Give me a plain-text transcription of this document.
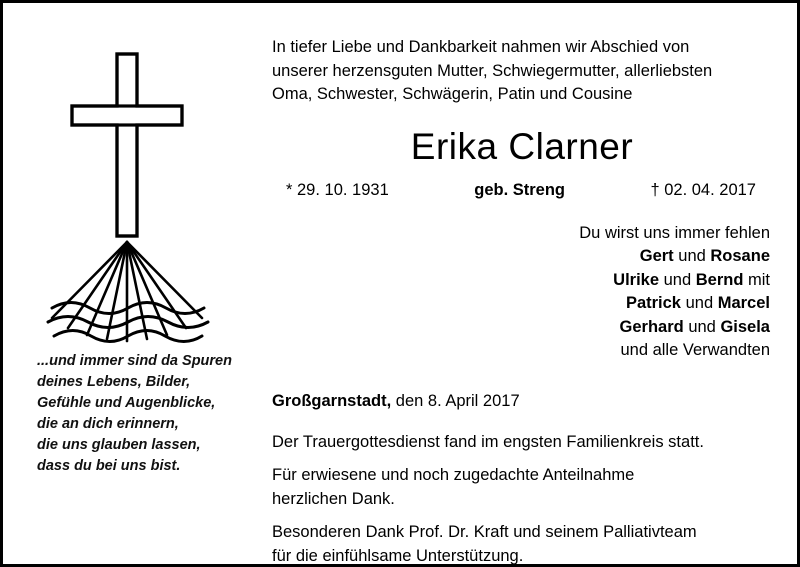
...und immer sind da Spuren
deines Lebens, Bilder,
Gefühle und Augenblicke,
die an dich erinnern,
die uns glauben lassen,
dass du bei uns bist.
In tiefer Liebe und Dankbarkeit nahmen wir Abschied von
unserer herzensguten Mutter, Schwiegermutter, allerliebsten
Oma, Schwester, Schwägerin, Patin und Cousine
Erika Clarner
* 29. 10. 1931	geb. Streng	† 02. 04. 2017
Du wirst uns immer fehlen
Gert und Rosane
Ulrike und Bernd mit
Patrick und Marcel
Gerhard und Gisela
und alle Verwandten
Großgarnstadt, den 8. April 2017
Der Trauergottesdienst fand im engsten Familienkreis statt.
Für erwiesene und noch zugedachte Anteilnahme
herzlichen Dank.
Besonderen Dank Prof. Dr. Kraft und seinem Palliativteam
für die einfühlsame Unterstützung.
